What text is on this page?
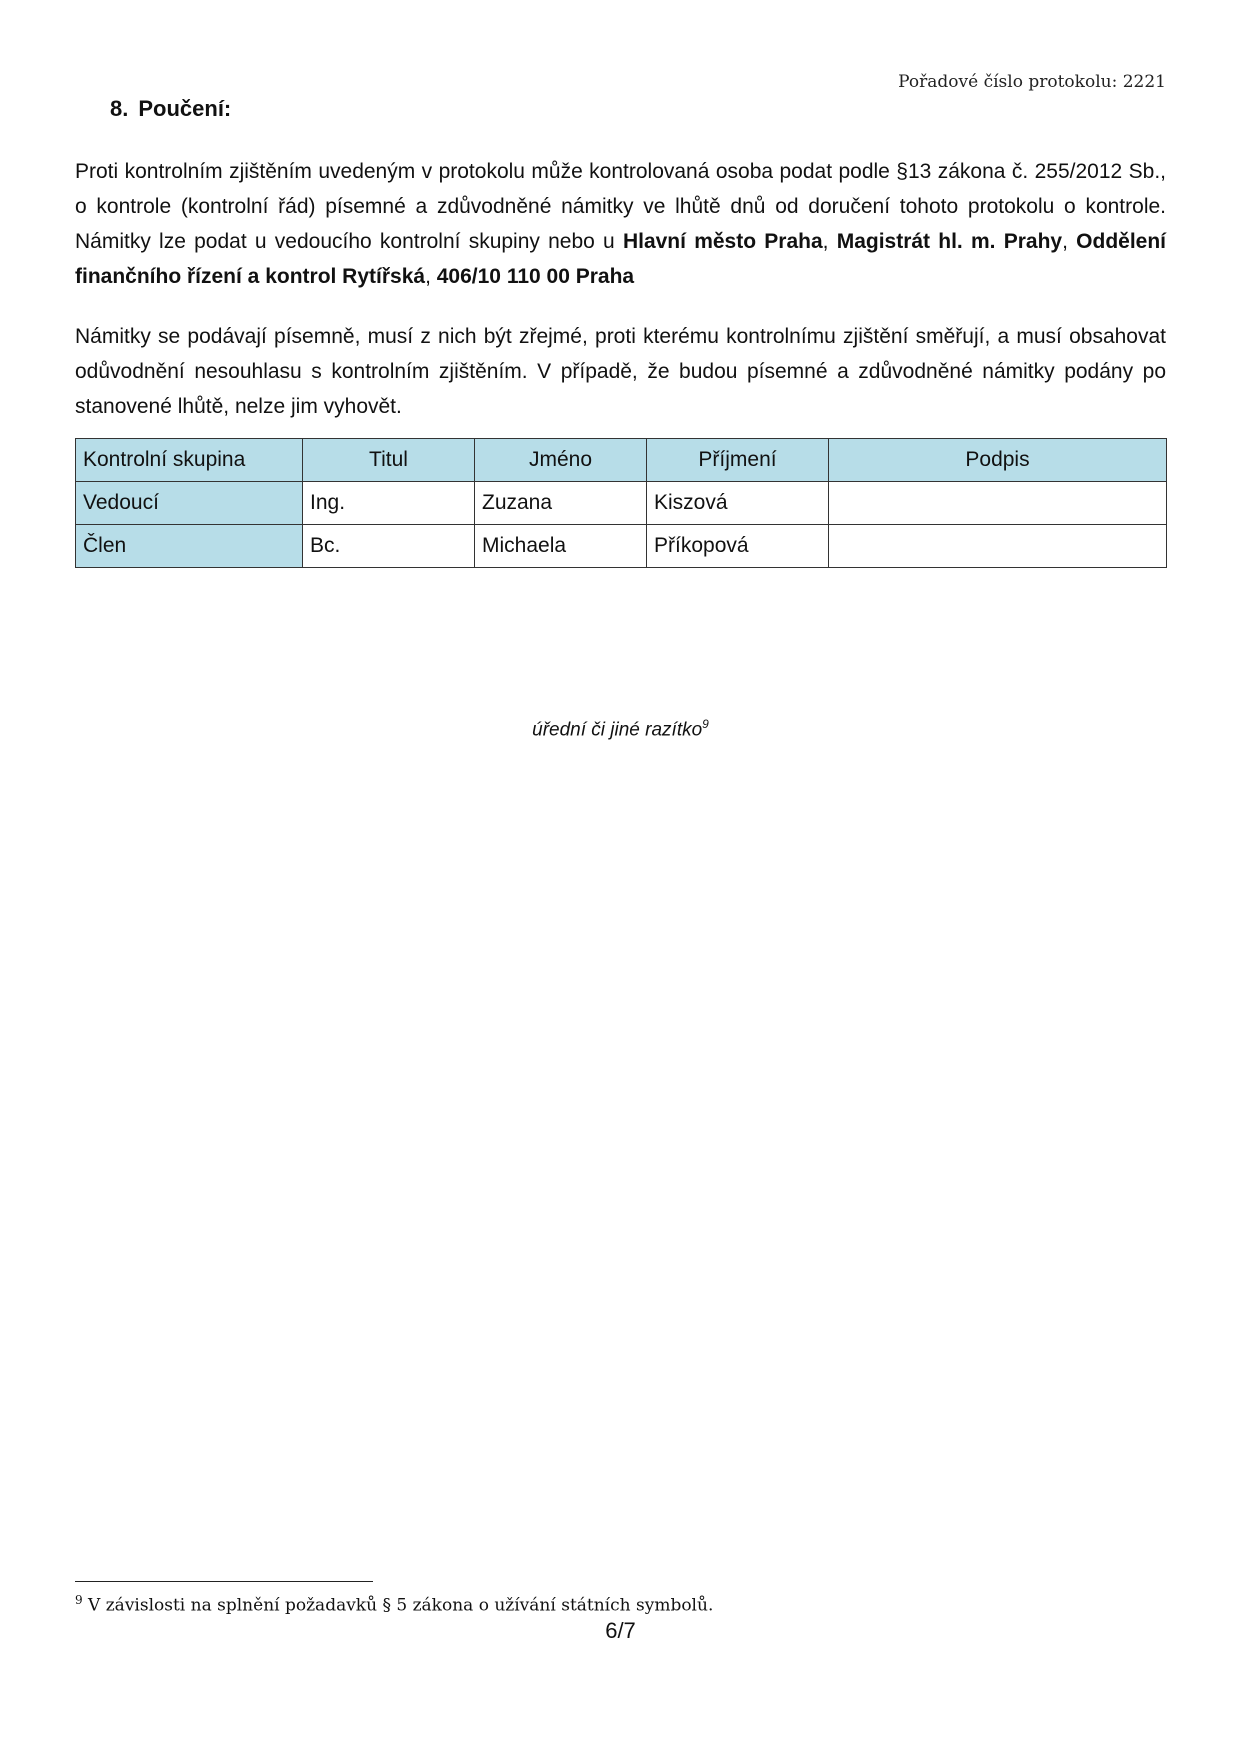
Pořadové číslo protokolu: 2221
8. Poučení:
Proti kontrolním zjištěním uvedeným v protokolu může kontrolovaná osoba podat podle §13 zákona č. 255/2012 Sb., o kontrole (kontrolní řád) písemné a zdůvodněné námitky ve lhůtě dnů od doručení tohoto protokolu o kontrole. Námitky lze podat u vedoucího kontrolní skupiny nebo u Hlavní město Praha, Magistrát hl. m. Prahy, Oddělení finančního řízení a kontrol Rytířská, 406/10 110 00 Praha
Námitky se podávají písemně, musí z nich být zřejmé, proti kterému kontrolnímu zjištění směřují, a musí obsahovat odůvodnění nesouhlasu s kontrolním zjištěním. V případě, že budou písemné a zdůvodněné námitky podány po stanovené lhůtě, nelze jim vyhovět.
Kontrolní skupina	Titul	Jméno	Příjmení	Podpis
Vedoucí	Ing.	Zuzana	Kiszová	
Člen	Bc.	Michaela	Příkopová	
úřední či jiné razítko$^9$
$^9$ V závislosti na splnění požadavků § 5 zákona o užívání státních symbolů.
6/7
